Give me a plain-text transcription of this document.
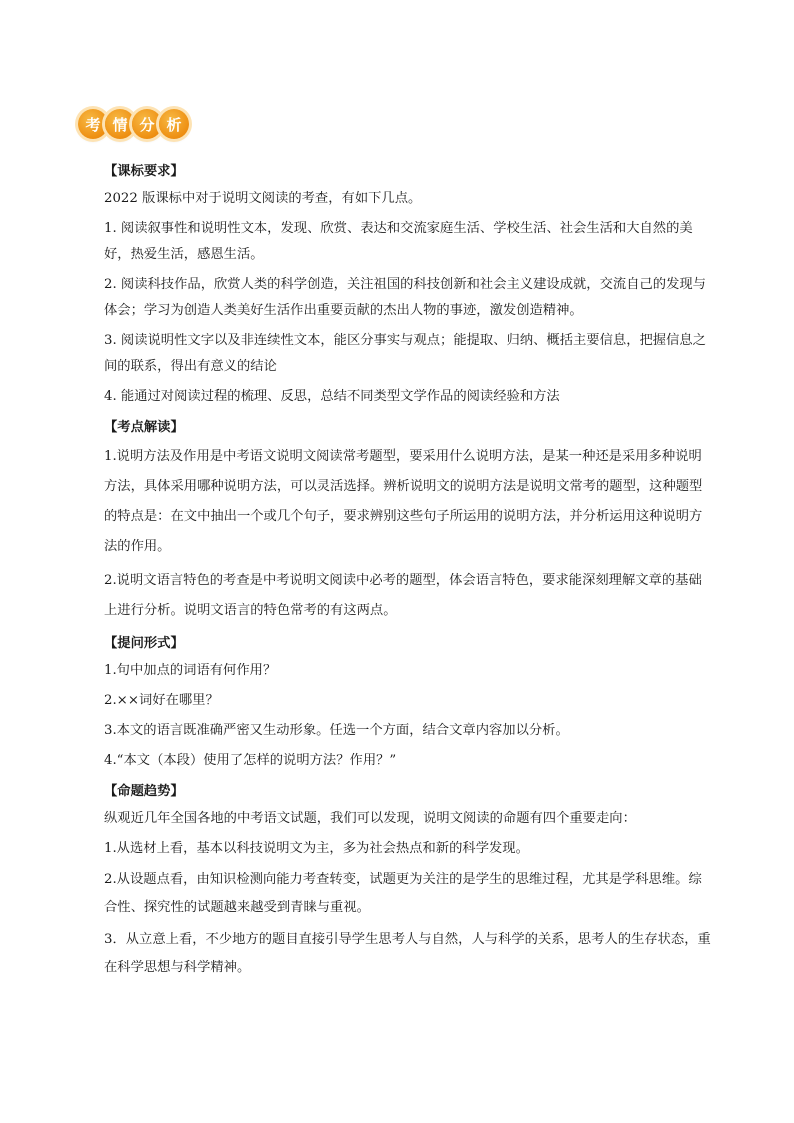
考 情 分 析
【课标要求】

2022 版课标中对于说明文阅读的考查，有如下几点。

1. 阅读叙事性和说明性文本，发现、欣赏、表达和交流家庭生活、学校生活、社会生活和大自然的美好，热爱生活，感恩生活。

2. 阅读科技作品，欣赏人类的科学创造，关注祖国的科技创新和社会主义建设成就，交流自己的发现与体会；学习为创造人类美好生活作出重要贡献的杰出人物的事迹，激发创造精神。

3. 阅读说明性文字以及非连续性文本，能区分事实与观点；能提取、归纳、概括主要信息，把握信息之间的联系，得出有意义的结论

4. 能通过对阅读过程的梳理、反思，总结不同类型文学作品的阅读经验和方法

【考点解读】

1.说明方法及作用是中考语文说明文阅读常考题型，要采用什么说明方法，是某一种还是采用多种说明方法，具体采用哪种说明方法，可以灵活选择。辨析说明文的说明方法是说明文常考的题型，这种题型的特点是：在文中抽出一个或几个句子，要求辨别这些句子所运用的说明方法，并分析运用这种说明方法的作用。

2.说明文语言特色的考查是中考说明文阅读中必考的题型，体会语言特色，要求能深刻理解文章的基础上进行分析。说明文语言的特色常考的有这两点。

【提问形式】

1.句中加点的词语有何作用？

2.××词好在哪里？

3.本文的语言既准确严密又生动形象。任选一个方面，结合文章内容加以分析。

4.“本文（本段）使用了怎样的说明方法？作用？”

【命题趋势】

纵观近几年全国各地的中考语文试题，我们可以发现，说明文阅读的命题有四个重要走向：

1.从选材上看，基本以科技说明文为主，多为社会热点和新的科学发现。

2.从设题点看，由知识检测向能力考查转变，试题更为关注的是学生的思维过程，尤其是学科思维。综合性、探究性的试题越来越受到青睐与重视。

3．从立意上看，不少地方的题目直接引导学生思考人与自然，人与科学的关系，思考人的生存状态，重在科学思想与科学精神。
